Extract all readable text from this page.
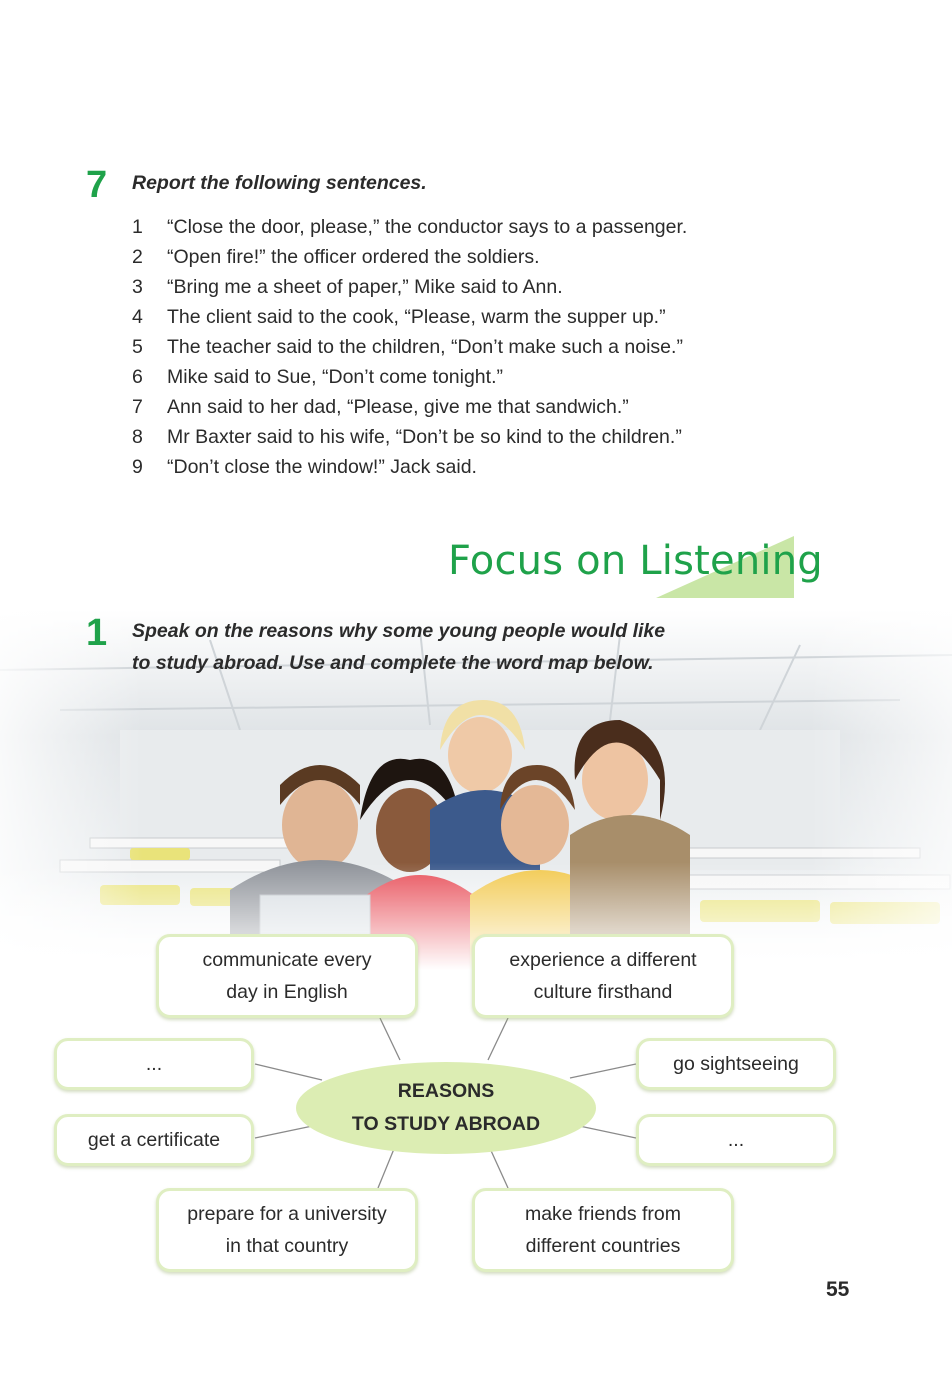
7 Report the following sentences.
1	“Close the door, please,” the conductor says to a passenger.
2	“Open fire!” the officer ordered the soldiers.
3	“Bring me a sheet of paper,” Mike said to Ann.
4	The client said to the cook, “Please, warm the supper up.”
5	The teacher said to the children, “Don’t make such a noise.”
6	Mike said to Sue, “Don’t come tonight.”
7	Ann said to her dad, “Please, give me that sandwich.”
8	Mr Baxter said to his wife, “Don’t be so kind to the children.”
9	“Don’t close the window!” Jack said.
Focus on Listening
1 Speak on the reasons why some young people would like
to study abroad. Use and complete the word map below.
communicate every
day in English
experience a different
culture firsthand
...
get a certificate
go sightseeing
...
prepare for a university
in that country
make friends from
different countries
REASONS
TO STUDY ABROAD
55
